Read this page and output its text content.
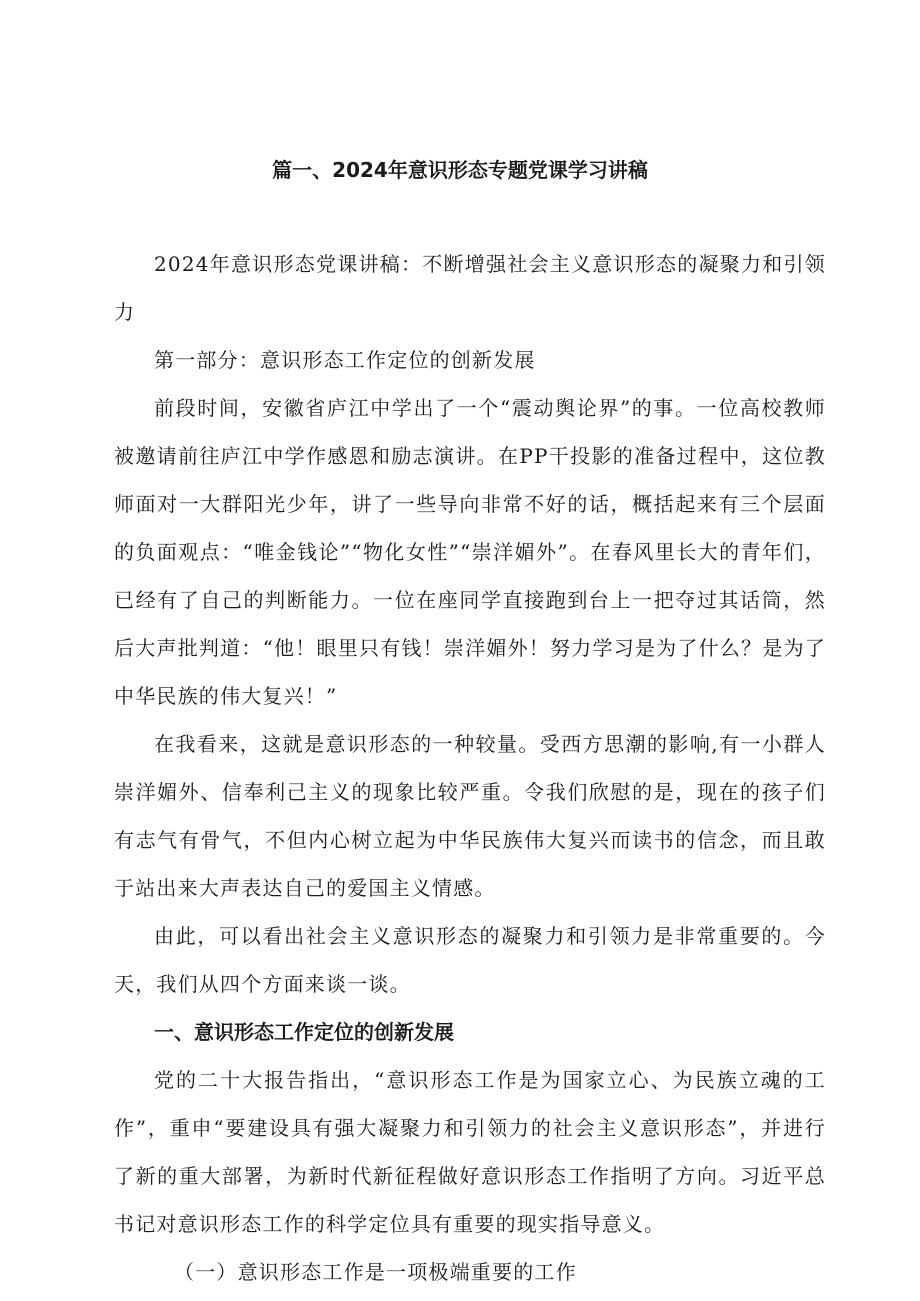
篇一、2024年意识形态专题党课学习讲稿

2024年意识形态党课讲稿：不断增强社会主义意识形态的凝聚力和引领力

第一部分：意识形态工作定位的创新发展

前段时间，安徽省庐江中学出了一个“震动舆论界”的事。一位高校教师被邀请前往庐江中学作感恩和励志演讲。在PP干投影的准备过程中，这位教师面对一大群阳光少年，讲了一些导向非常不好的话，概括起来有三个层面的负面观点：“唯金钱论”“物化女性”“崇洋媚外”。在春风里长大的青年们，已经有了自己的判断能力。一位在座同学直接跑到台上一把夺过其话筒，然后大声批判道：“他！眼里只有钱！崇洋媚外！努力学习是为了什么？是为了中华民族的伟大复兴！”

在我看来，这就是意识形态的一种较量。受西方思潮的影响,有一小群人崇洋媚外、信奉利己主义的现象比较严重。令我们欣慰的是，现在的孩子们有志气有骨气，不但内心树立起为中华民族伟大复兴而读书的信念，而且敢于站出来大声表达自己的爱国主义情感。

由此，可以看出社会主义意识形态的凝聚力和引领力是非常重要的。今天，我们从四个方面来谈一谈。

一、意识形态工作定位的创新发展

党的二十大报告指出，“意识形态工作是为国家立心、为民族立魂的工作”，重申“要建设具有强大凝聚力和引领力的社会主义意识形态”，并进行了新的重大部署，为新时代新征程做好意识形态工作指明了方向。习近平总书记对意识形态工作的科学定位具有重要的现实指导意义。

（一）意识形态工作是一项极端重要的工作
